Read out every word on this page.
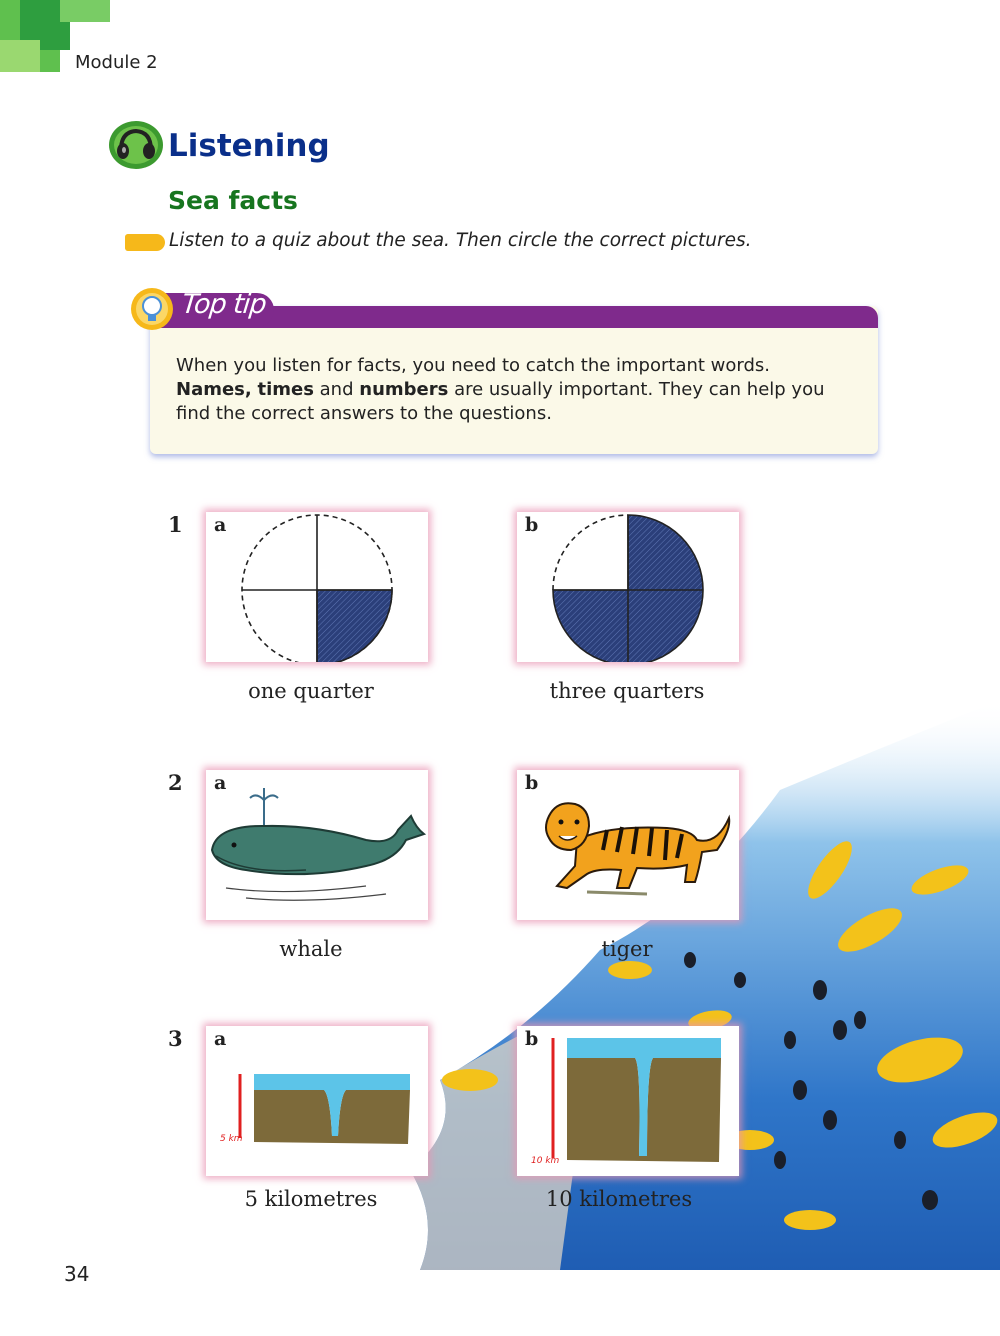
Module 2
Listening
Sea facts
Listen to a quiz about the sea. Then circle the correct pictures.
Top tip
When you listen for facts, you need to catch the important words.
Names, times and numbers are usually important. They can help you
find the correct answers to the questions.
1
2
3
a
one quarter
b
three quarters
a
whale
b
tiger
a
5 km
5 kilometres
b
10 km
10 kilometres
34
